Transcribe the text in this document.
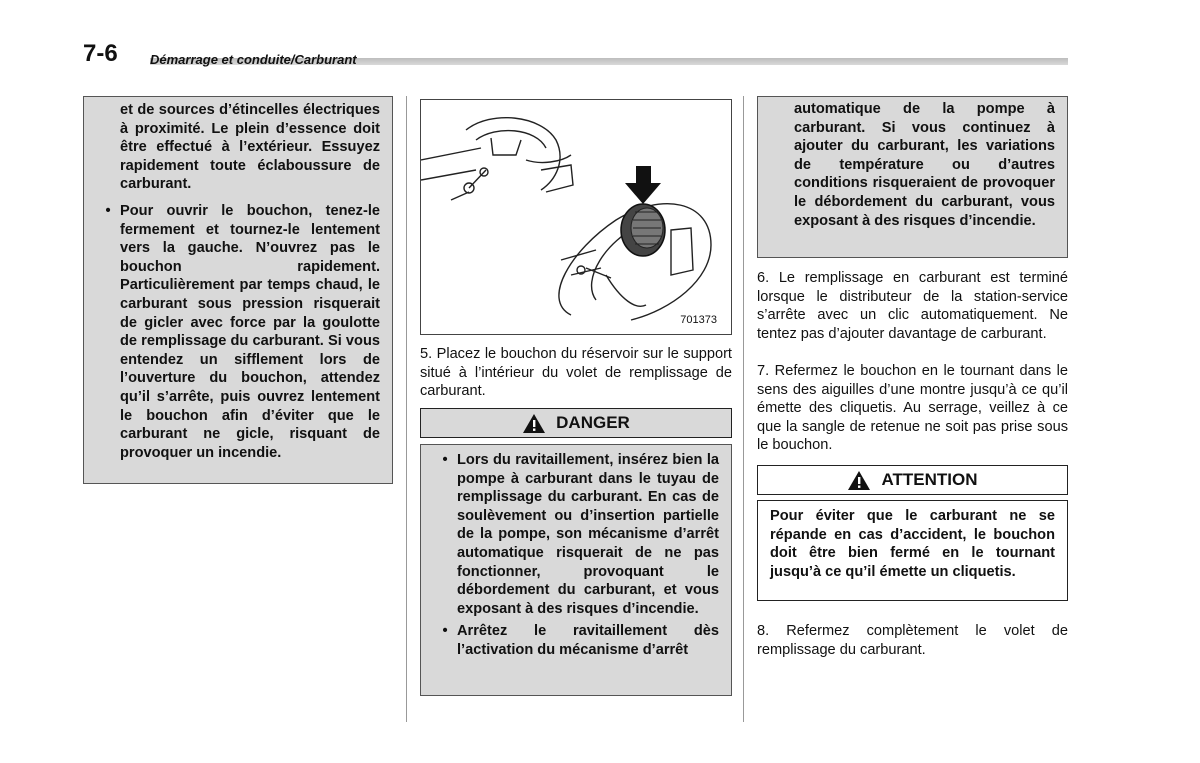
7-6 Démarrage et conduite/Carburant

et de sources d’étincelles électriques à proximité. Le plein d’essence doit être effectué à l’extérieur. Essuyez rapidement toute éclaboussure de carburant.

• Pour ouvrir le bouchon, tenez-le fermement et tournez-le lentement vers la gauche. N’ouvrez pas le bouchon rapidement. Particulièrement par temps chaud, le carburant sous pression risquerait de gicler avec force par la goulotte de remplissage du carburant. Si vous entendez un sifflement lors de l’ouverture du bouchon, attendez qu’il s’arrête, puis ouvrez lentement le bouchon afin d’éviter que le carburant ne gicle, risquant de provoquer un incendie.
701373

5. Placez le bouchon du réservoir sur le support situé à l’intérieur du volet de remplissage de carburant.

DANGER
• Lors du ravitaillement, insérez bien la pompe à carburant dans le tuyau de remplissage du carburant. En cas de soulèvement ou d’insertion partielle de la pompe, son mécanisme d’arrêt automatique risquerait de ne pas fonctionner, provoquant le débordement du carburant, et vous exposant à des risques d’incendie.
• Arrêtez le ravitaillement dès l’activation du mécanisme d’arrêt

automatique de la pompe à carburant. Si vous continuez à ajouter du carburant, les variations de température ou d’autres conditions risqueraient de provoquer le débordement du carburant, vous exposant à des risques d’incendie.

6. Le remplissage en carburant est terminé lorsque le distributeur de la station-service s’arrête avec un clic automatiquement. Ne tentez pas d’ajouter davantage de carburant.

7. Refermez le bouchon en le tournant dans le sens des aiguilles d’une montre jusqu’à ce qu’il émette des cliquetis. Au serrage, veillez à ce que la sangle de retenue ne soit pas prise sous le bouchon.

ATTENTION

Pour éviter que le carburant ne se répande en cas d’accident, le bouchon doit être bien fermé en le tournant jusqu’à ce qu’il émette un cliquetis.

8. Refermez complètement le volet de remplissage du carburant.
